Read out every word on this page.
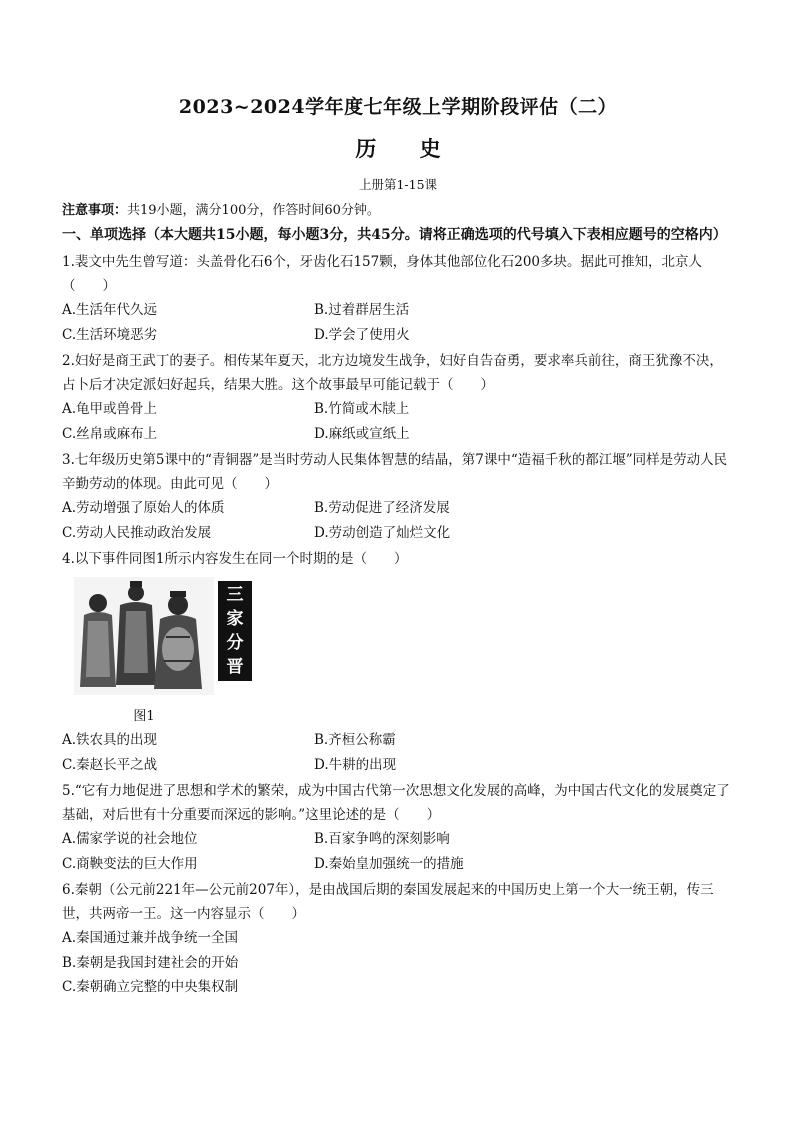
2023~2024学年度七年级上学期阶段评估（二）
历 史
上册第1-15课
注意事项：共19小题，满分100分，作答时间60分钟。
一、单项选择（本大题共15小题，每小题3分，共45分。请将正确选项的代号填入下表相应题号的空格内）
1.裴文中先生曾写道：头盖骨化石6个，牙齿化石157颗，身体其他部位化石200多块。据此可推知，北京人（　　）
A.生活年代久远	B.过着群居生活
C.生活环境恶劣	D.学会了使用火
2.妇好是商王武丁的妻子。相传某年夏天，北方边境发生战争，妇好自告奋勇，要求率兵前往，商王犹豫不决，占卜后才决定派妇好起兵，结果大胜。这个故事最早可能记载于（　　）
A.龟甲或兽骨上	B.竹简或木牍上
C.丝帛或麻布上	D.麻纸或宣纸上
3.七年级历史第5课中的“青铜器”是当时劳动人民集体智慧的结晶，第7课中“造福千秋的都江堰”同样是劳动人民辛勤劳动的体现。由此可见（　　）
A.劳动增强了原始人的体质	B.劳动促进了经济发展
C.劳动人民推动政治发展	D.劳动创造了灿烂文化
4.以下事件同图1所示内容发生在同一个时期的是（　　）
图1
三
家
分
晋
A.铁农具的出现	B.齐桓公称霸
C.秦赵长平之战	D.牛耕的出现
5.“它有力地促进了思想和学术的繁荣，成为中国古代第一次思想文化发展的高峰，为中国古代文化的发展奠定了基础，对后世有十分重要而深远的影响。”这里论述的是（　　）
A.儒家学说的社会地位	B.百家争鸣的深刻影响
C.商鞅变法的巨大作用	D.秦始皇加强统一的措施
6.秦朝（公元前221年—公元前207年），是由战国后期的秦国发展起来的中国历史上第一个大一统王朝，传三世，共两帝一王。这一内容显示（　　）
A.秦国通过兼并战争统一全国
B.秦朝是我国封建社会的开始
C.秦朝确立完整的中央集权制
